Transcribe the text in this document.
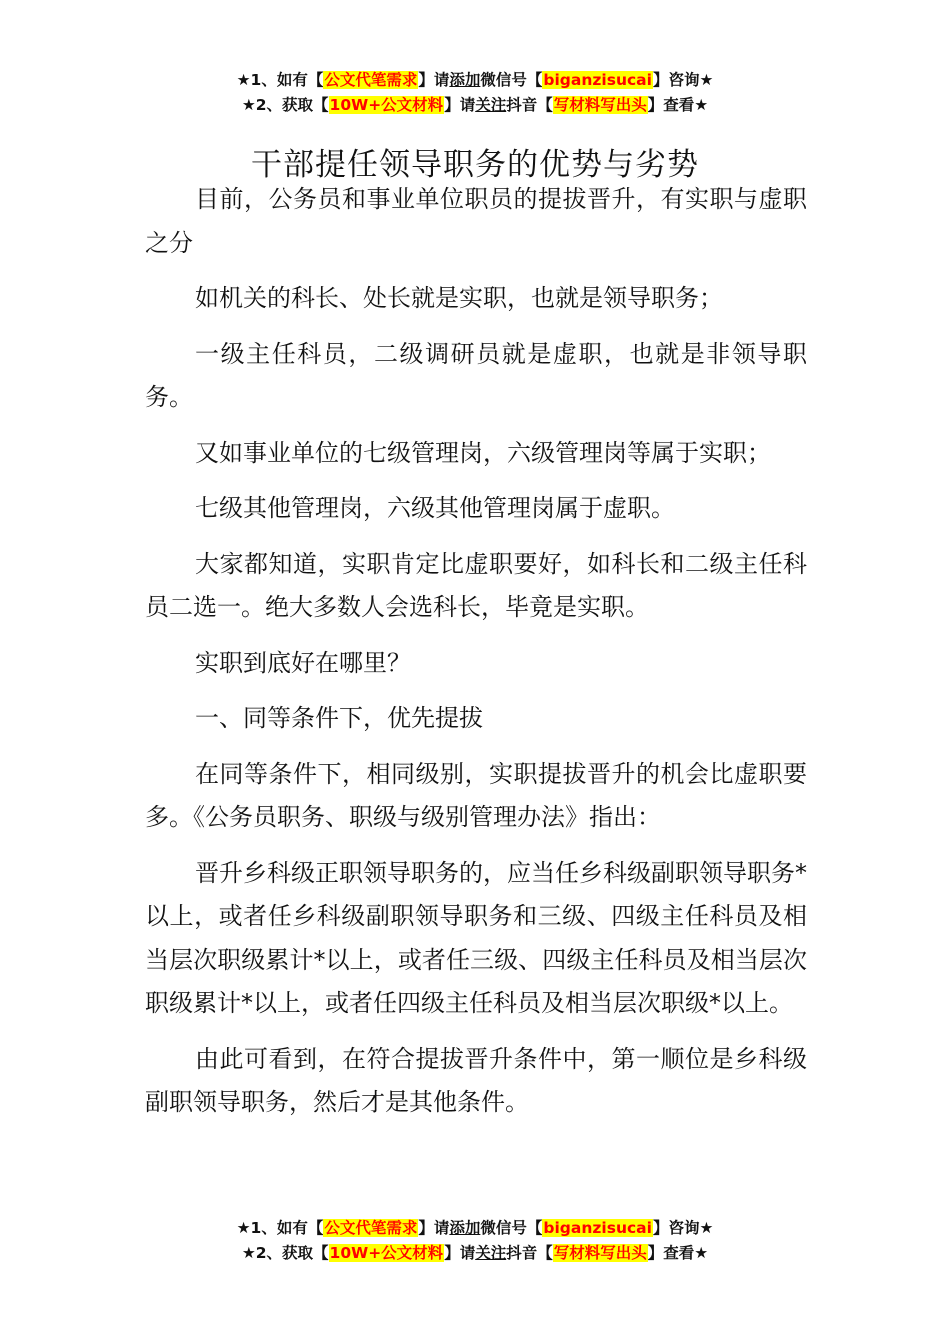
★1、如有【公文代笔需求】请添加微信号【biganzisucai】咨询★
★2、获取【10W+公文材料】请关注抖音【写材料写出头】查看★
干部提任领导职务的优势与劣势

目前，公务员和事业单位职员的提拔晋升，有实职与虚职之分

如机关的科长、处长就是实职，也就是领导职务；

一级主任科员，二级调研员就是虚职，也就是非领导职务。

又如事业单位的七级管理岗，六级管理岗等属于实职；

七级其他管理岗，六级其他管理岗属于虚职。

大家都知道，实职肯定比虚职要好，如科长和二级主任科员二选一。绝大多数人会选科长，毕竟是实职。

实职到底好在哪里？

一、同等条件下，优先提拔

在同等条件下，相同级别，实职提拔晋升的机会比虚职要多。《公务员职务、职级与级别管理办法》指出：

晋升乡科级正职领导职务的，应当任乡科级副职领导职务*以上，或者任乡科级副职领导职务和三级、四级主任科员及相当层次职级累计*以上，或者任三级、四级主任科员及相当层次职级累计*以上，或者任四级主任科员及相当层次职级*以上。

由此可看到，在符合提拔晋升条件中，第一顺位是乡科级副职领导职务，然后才是其他条件。

★1、如有【公文代笔需求】请添加微信号【biganzisucai】咨询★
★2、获取【10W+公文材料】请关注抖音【写材料写出头】查看★
